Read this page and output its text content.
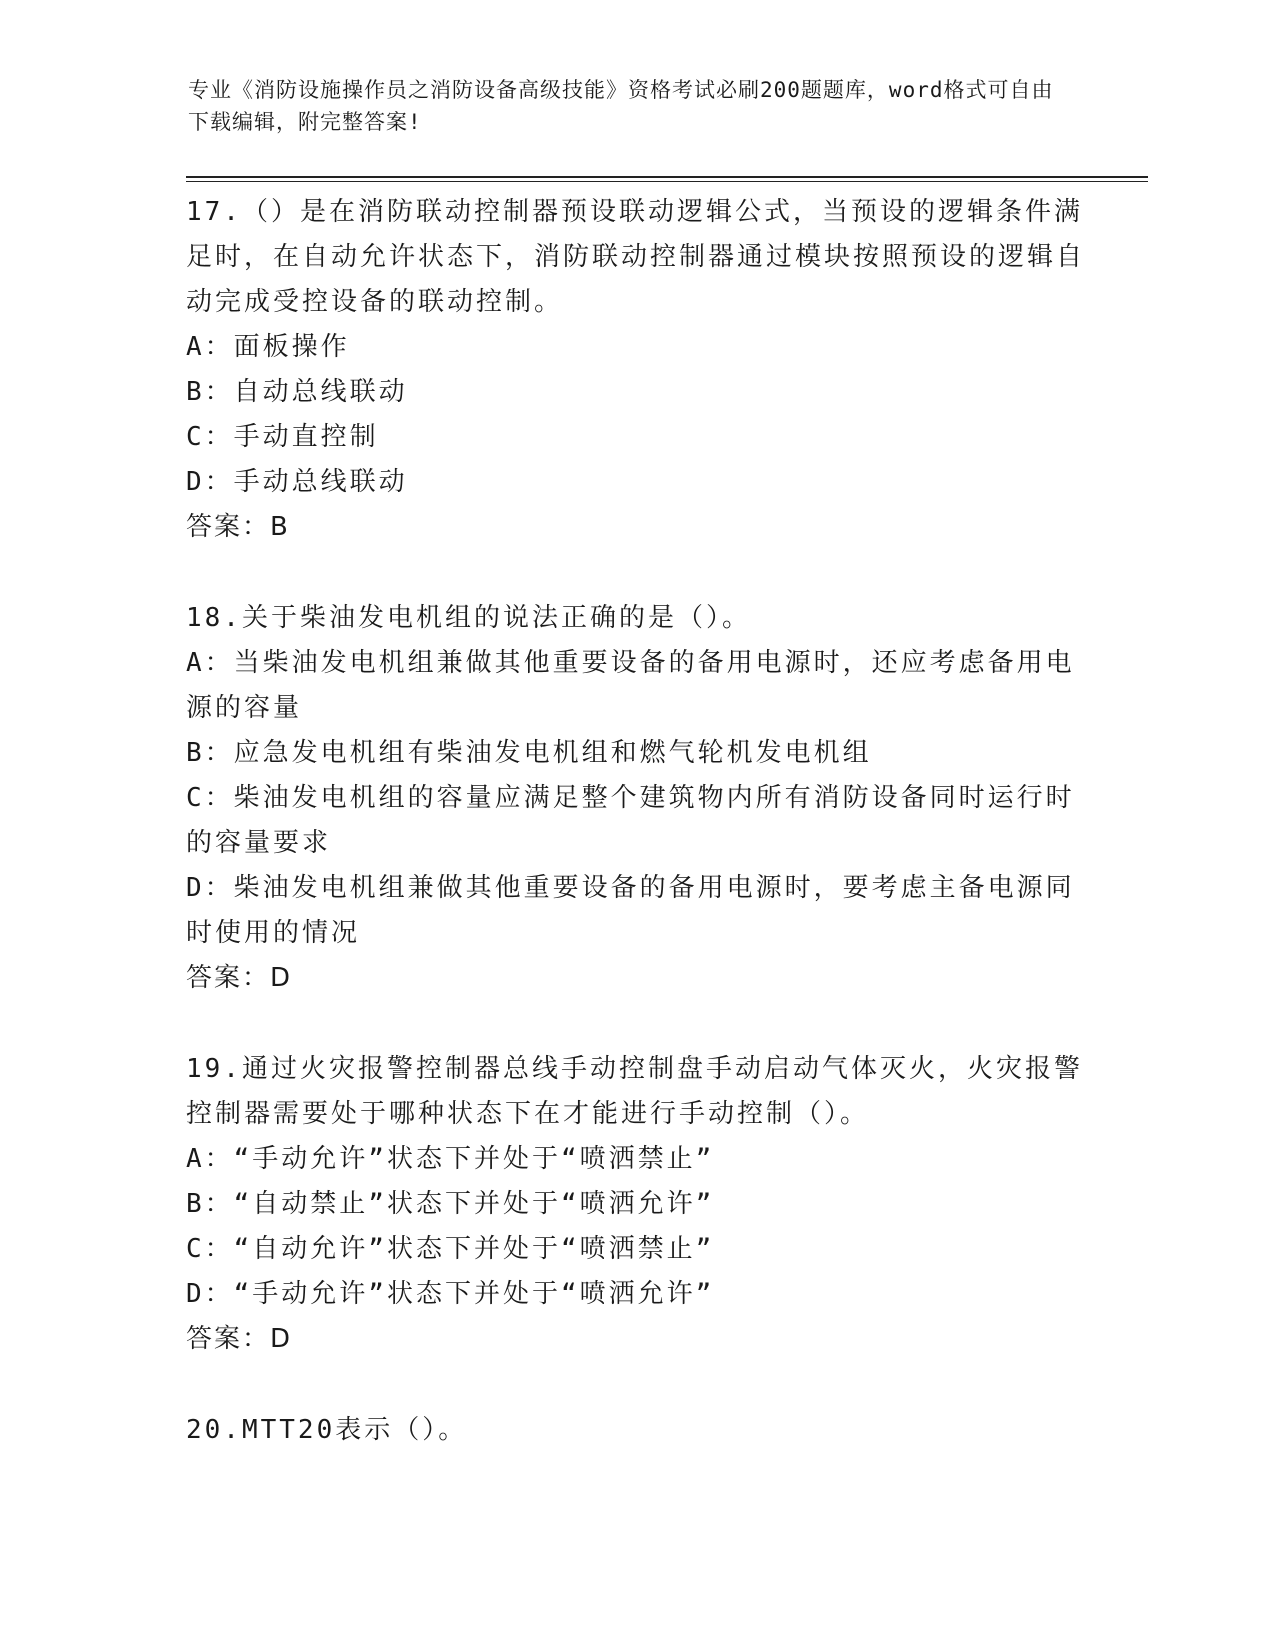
专业《消防设施操作员之消防设备高级技能》资格考试必刷200题题库，word格式可自由下载编辑，附完整答案!

17.（）是在消防联动控制器预设联动逻辑公式，当预设的逻辑条件满足时，在自动允许状态下，消防联动控制器通过模块按照预设的逻辑自动完成受控设备的联动控制。

A：面板操作

B：自动总线联动

C：手动直控制

D：手动总线联动

答案：B

18.关于柴油发电机组的说法正确的是（）。

A：当柴油发电机组兼做其他重要设备的备用电源时，还应考虑备用电源的容量

B：应急发电机组有柴油发电机组和燃气轮机发电机组

C：柴油发电机组的容量应满足整个建筑物内所有消防设备同时运行时的容量要求

D：柴油发电机组兼做其他重要设备的备用电源时，要考虑主备电源同时使用的情况

答案：D

19.通过火灾报警控制器总线手动控制盘手动启动气体灭火，火灾报警控制器需要处于哪种状态下在才能进行手动控制（）。

A：“手动允许”状态下并处于“喷洒禁止”

B：“自动禁止”状态下并处于“喷洒允许”

C：“自动允许”状态下并处于“喷洒禁止”

D：“手动允许”状态下并处于“喷洒允许”

答案：D

20.MTT20表示（）。
